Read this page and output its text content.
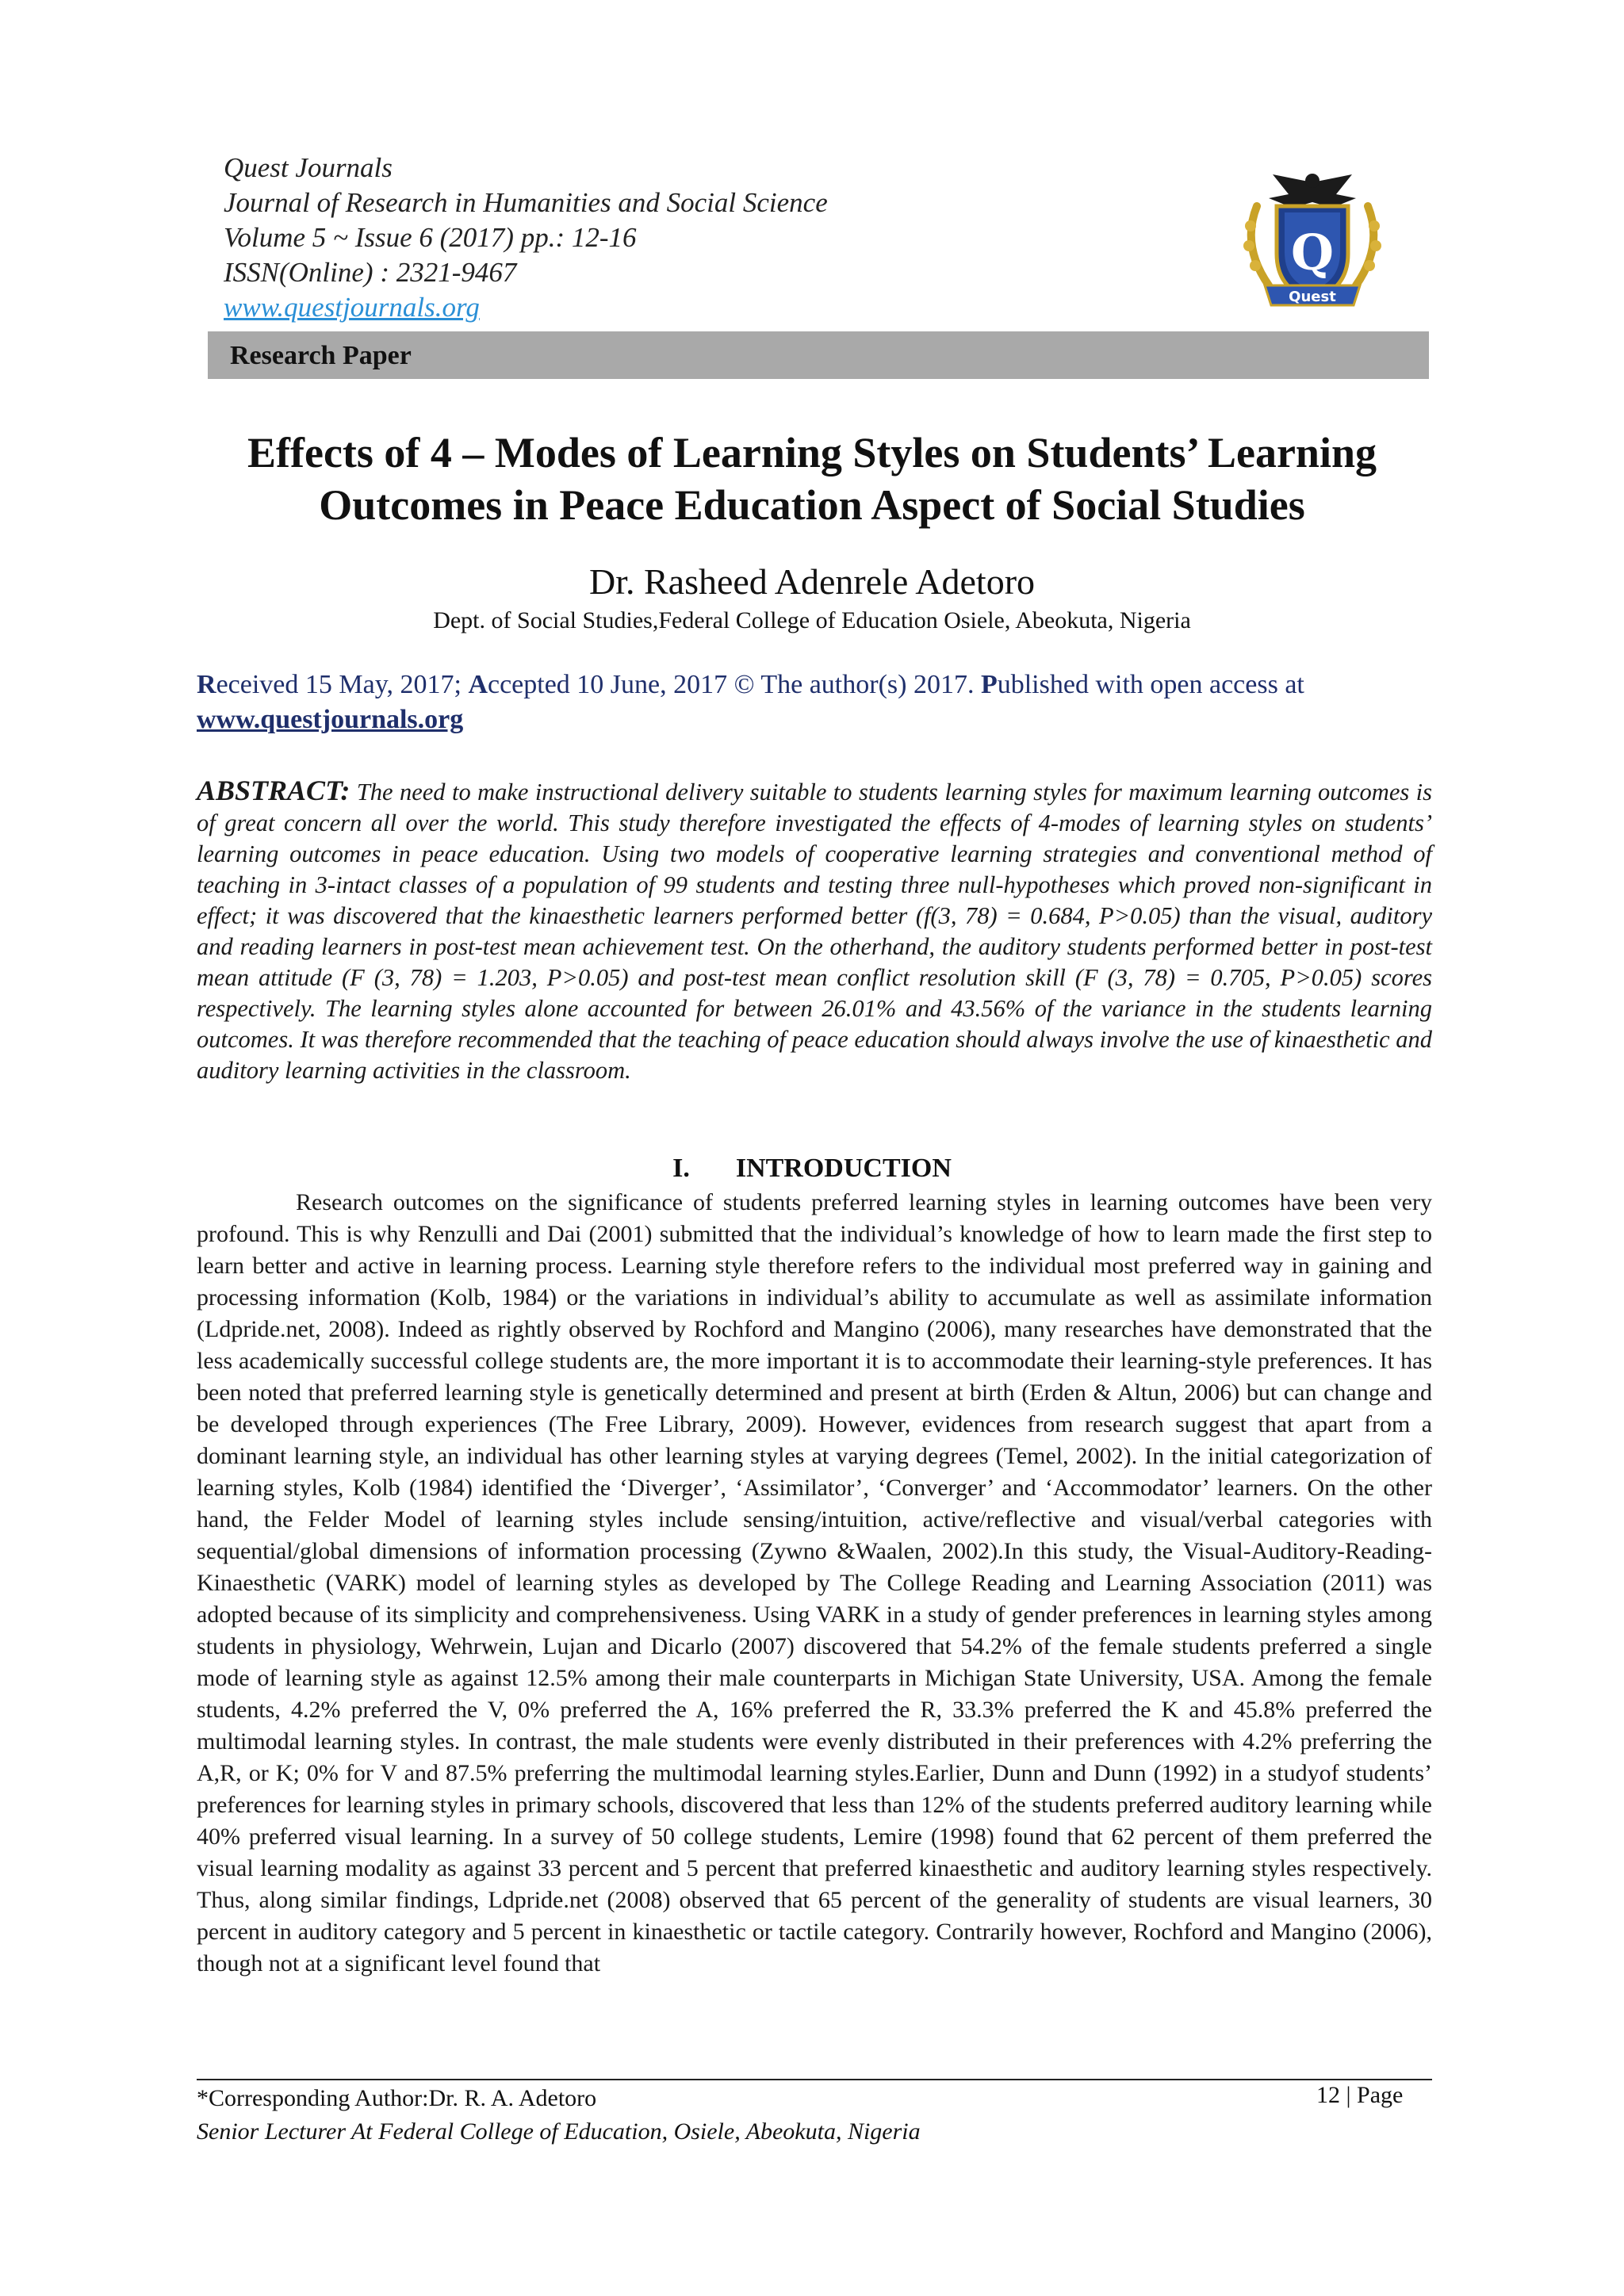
Quest Journals
Journal of Research in Humanities and Social Science
Volume 5 ~ Issue 6 (2017) pp.: 12-16
ISSN(Online) : 2321-9467
www.questjournals.org
Q
Quest
Research Paper
Effects of 4 – Modes of Learning Styles on Students’ Learning
Outcomes in Peace Education Aspect of Social Studies
Dr. Rasheed Adenrele Adetoro
Dept. of Social Studies,Federal College of Education Osiele, Abeokuta, Nigeria
Received 15 May, 2017; Accepted 10 June, 2017 © The author(s) 2017. Published with open access at www.questjournals.org
ABSTRACT: The need to make instructional delivery suitable to students learning styles for maximum learning outcomes is of great concern all over the world. This study therefore investigated the effects of 4-modes of learning styles on students’ learning outcomes in peace education. Using two models of cooperative learning strategies and conventional method of teaching in 3-intact classes of a population of 99 students and testing three null-hypotheses which proved non-significant in effect; it was discovered that the kinaesthetic learners performed better (f(3, 78) = 0.684, P>0.05) than the visual, auditory and reading learners in post-test mean achievement test. On the otherhand, the auditory students performed better in post-test mean attitude (F (3, 78) = 1.203, P>0.05) and post-test mean conflict resolution skill (F (3, 78) = 0.705, P>0.05) scores respectively. The learning styles alone accounted for between 26.01% and 43.56% of the variance in the students learning outcomes. It was therefore recommended that the teaching of peace education should always involve the use of kinaesthetic and auditory learning activities in the classroom.
I. INTRODUCTION
Research outcomes on the significance of students preferred learning styles in learning outcomes have been very profound. This is why Renzulli and Dai (2001) submitted that the individual’s knowledge of how to learn made the first step to learn better and active in learning process. Learning style therefore refers to the individual most preferred way in gaining and processing information (Kolb, 1984) or the variations in individual’s ability to accumulate as well as assimilate information (Ldpride.net, 2008). Indeed as rightly observed by Rochford and Mangino (2006), many researches have demonstrated that the less academically successful college students are, the more important it is to accommodate their learning-style preferences. It has been noted that preferred learning style is genetically determined and present at birth (Erden & Altun, 2006) but can change and be developed through experiences (The Free Library, 2009). However, evidences from research suggest that apart from a dominant learning style, an individual has other learning styles at varying degrees (Temel, 2002). In the initial categorization of learning styles, Kolb (1984) identified the ‘Diverger’, ‘Assimilator’, ‘Converger’ and ‘Accommodator’ learners. On the other hand, the Felder Model of learning styles include sensing/intuition, active/reflective and visual/verbal categories with sequential/global dimensions of information processing (Zywno &Waalen, 2002).In this study, the Visual-Auditory-Reading-Kinaesthetic (VARK) model of learning styles as developed by The College Reading and Learning Association (2011) was adopted because of its simplicity and comprehensiveness. Using VARK in a study of gender preferences in learning styles among students in physiology, Wehrwein, Lujan and Dicarlo (2007) discovered that 54.2% of the female students preferred a single mode of learning style as against 12.5% among their male counterparts in Michigan State University, USA. Among the female students, 4.2% preferred the V, 0% preferred the A, 16% preferred the R, 33.3% preferred the K and 45.8% preferred the multimodal learning styles. In contrast, the male students were evenly distributed in their preferences with 4.2% preferring the A,R, or K; 0% for V and 87.5% preferring the multimodal learning styles.Earlier, Dunn and Dunn (1992) in a studyof students’ preferences for learning styles in primary schools, discovered that less than 12% of the students preferred auditory learning while 40% preferred visual learning. In a survey of 50 college students, Lemire (1998) found that 62 percent of them preferred the visual learning modality as against 33 percent and 5 percent that preferred kinaesthetic and auditory learning styles respectively. Thus, along similar findings, Ldpride.net (2008) observed that 65 percent of the generality of students are visual learners, 30 percent in auditory category and 5 percent in kinaesthetic or tactile category. Contrarily however, Rochford and Mangino (2006), though not at a significant level found that
*Corresponding Author:Dr. R. A. Adetoro
Senior Lecturer At Federal College of Education, Osiele, Abeokuta, Nigeria
12 | Page
